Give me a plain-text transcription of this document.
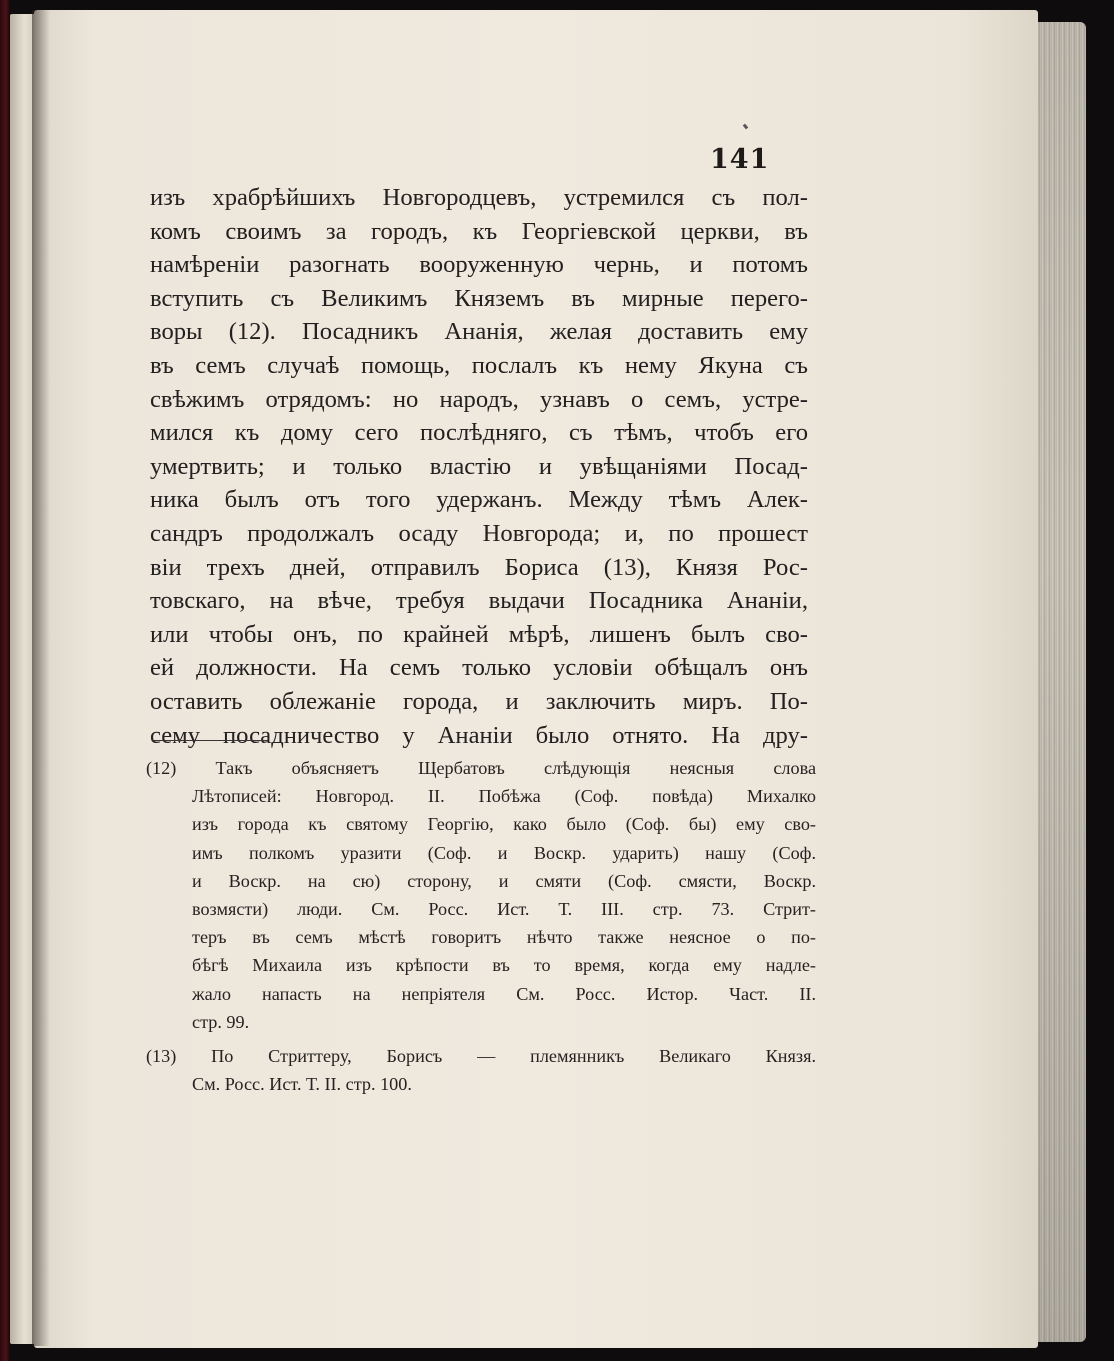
141
изъ храбрѣйшихъ Новгородцевъ, устремился съ пол-
комъ своимъ за городъ, къ Георгіевской церкви, въ
намѣреніи разогнать вооруженную чернь, и потомъ
вступить съ Великимъ Княземъ въ мирные перего-
воры (12). Посадникъ Ананія, желая доставить ему
въ семъ случаѣ помощь, послалъ къ нему Якуна съ
свѣжимъ отрядомъ: но народъ, узнавъ о семъ, устре-
мился къ дому сего послѣдняго, съ тѣмъ, чтобъ его
умертвить; и только властію и увѣщаніями Посад-
ника былъ отъ того удержанъ. Между тѣмъ Алек-
сандръ продолжалъ осаду Новгорода; и, по прошест
віи трехъ дней, отправилъ Бориса (13), Князя Рос-
товскаго, на вѣче, требуя выдачи Посадника Ананіи,
или чтобы онъ, по крайней мѣрѣ, лишенъ былъ сво-
ей должности. На семъ только условіи обѣщалъ онъ
оставить облежаніе города, и заключить миръ. По-
сему посадничество у Ананіи было отнято. На дру-
(12) Такъ объясняетъ Щербатовъ слѣдующія неясныя слова
Лѣтописей: Новгород. II. Побѣжа (Соф. повѣда) Михалко
изъ города къ святому Георгію, како было (Соф. бы) ему сво-
имъ полкомъ уразити (Соф. и Воскр. ударить) нашу (Соф.
и Воскр. на сю) сторону, и смяти (Соф. смясти, Воскр.
возмясти) люди. См. Росс. Ист. Т. III. стр. 73. Стрит-
теръ въ семъ мѣстѣ говоритъ нѣчто также неясное о по-
бѣгѣ Михаила изъ крѣпости въ то время, когда ему надле-
жало напасть на непріятеля См. Росс. Истор. Част. II.
стр. 99.
(13) По Стриттеру, Борисъ — племянникъ Великаго Князя.
См. Росс. Ист. Т. II. стр. 100.
